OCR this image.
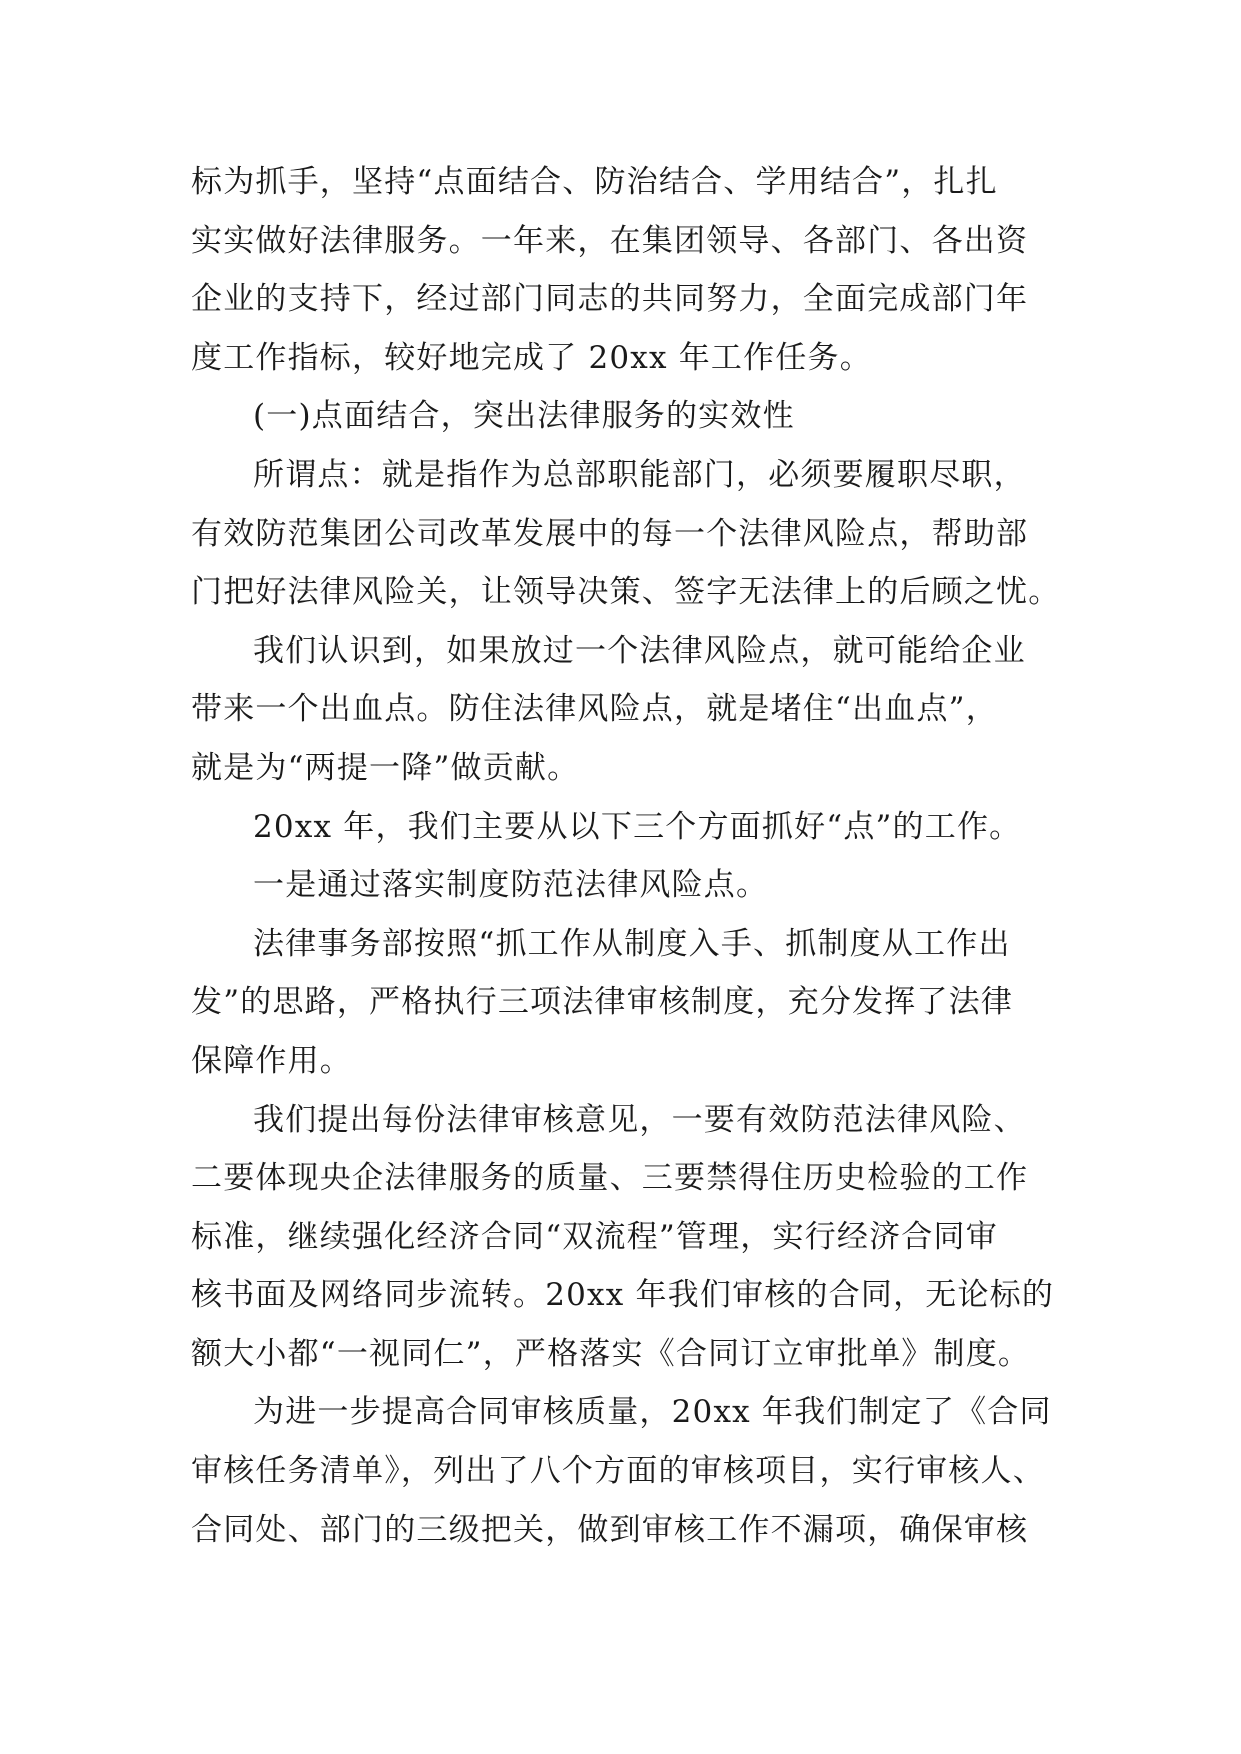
标为抓手，坚持“点面结合、防治结合、学用结合”，扎扎
实实做好法律服务。一年来，在集团领导、各部门、各出资
企业的支持下，经过部门同志的共同努力，全面完成部门年
度工作指标，较好地完成了 20xx 年工作任务。
(一)点面结合，突出法律服务的实效性
所谓点：就是指作为总部职能部门，必须要履职尽职，
有效防范集团公司改革发展中的每一个法律风险点，帮助部
门把好法律风险关，让领导决策、签字无法律上的后顾之忧。
我们认识到，如果放过一个法律风险点，就可能给企业
带来一个出血点。防住法律风险点，就是堵住“出血点”，
就是为“两提一降”做贡献。
20xx 年，我们主要从以下三个方面抓好“点”的工作。
一是通过落实制度防范法律风险点。
法律事务部按照“抓工作从制度入手、抓制度从工作出
发”的思路，严格执行三项法律审核制度，充分发挥了法律
保障作用。
我们提出每份法律审核意见，一要有效防范法律风险、
二要体现央企法律服务的质量、三要禁得住历史检验的工作
标准，继续强化经济合同“双流程”管理，实行经济合同审
核书面及网络同步流转。20xx 年我们审核的合同，无论标的
额大小都“一视同仁”，严格落实《合同订立审批单》制度。
为进一步提高合同审核质量，20xx 年我们制定了《合同
审核任务清单》，列出了八个方面的审核项目，实行审核人、
合同处、部门的三级把关，做到审核工作不漏项，确保审核
